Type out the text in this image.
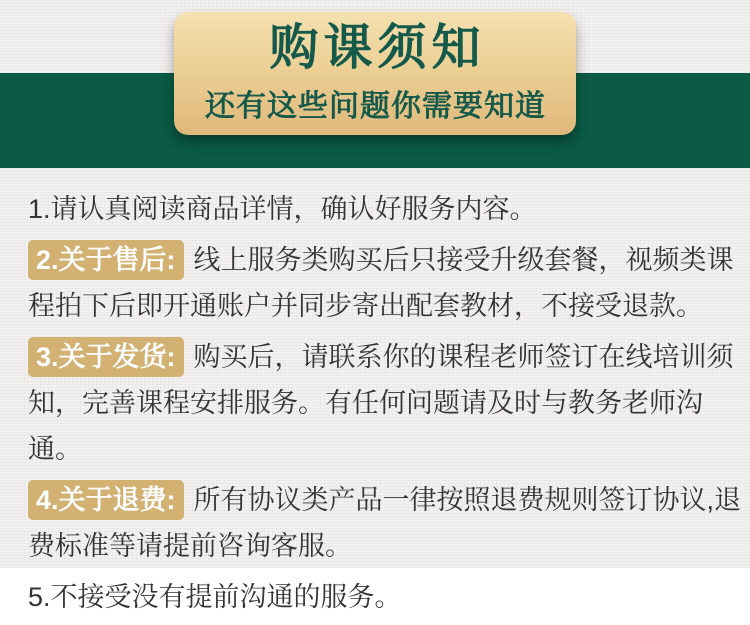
购课须知
还有这些问题你需要知道

1.请认真阅读商品详情，确认好服务内容。

2.关于售后: 线上服务类购买后只接受升级套餐，视频类课程拍下后即开通账户并同步寄出配套教材，不接受退款。

3.关于发货: 购买后，请联系你的课程老师签订在线培训须知，完善课程安排服务。有任何问题请及时与教务老师沟通。

4.关于退费: 所有协议类产品一律按照退费规则签订协议,退费标准等请提前咨询客服。

5.不接受没有提前沟通的服务。
